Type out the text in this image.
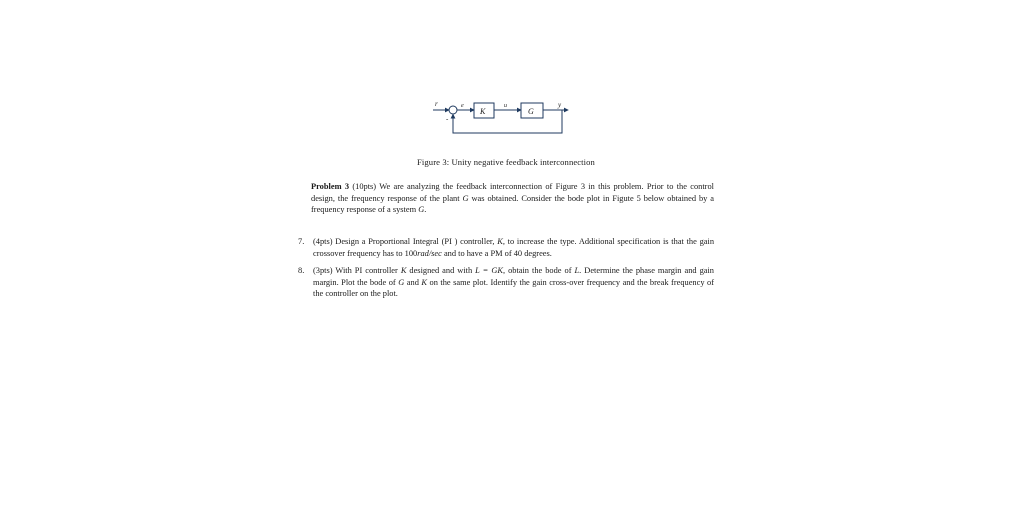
r
-
e
K
u
G
y
Figure 3: Unity negative feedback interconnection
Problem 3 (10pts) We are analyzing the feedback interconnection of Figure 3 in this problem. Prior to the control design, the frequency response of the plant G was obtained. Consider the bode plot in Figute 5 below obtained by a frequency response of a system G.
7.	(4pts) Design a Proportional Integral (PI ) controller, K, to increase the type. Additional specification is that the gain crossover frequency has to 100rad/sec and to have a PM of 40 degrees.
8.	(3pts) With PI controller K designed and with L = GK, obtain the bode of L. Determine the phase margin and gain margin. Plot the bode of G and K on the same plot. Identify the gain cross-over frequency and the break frequency of the controller on the plot.
